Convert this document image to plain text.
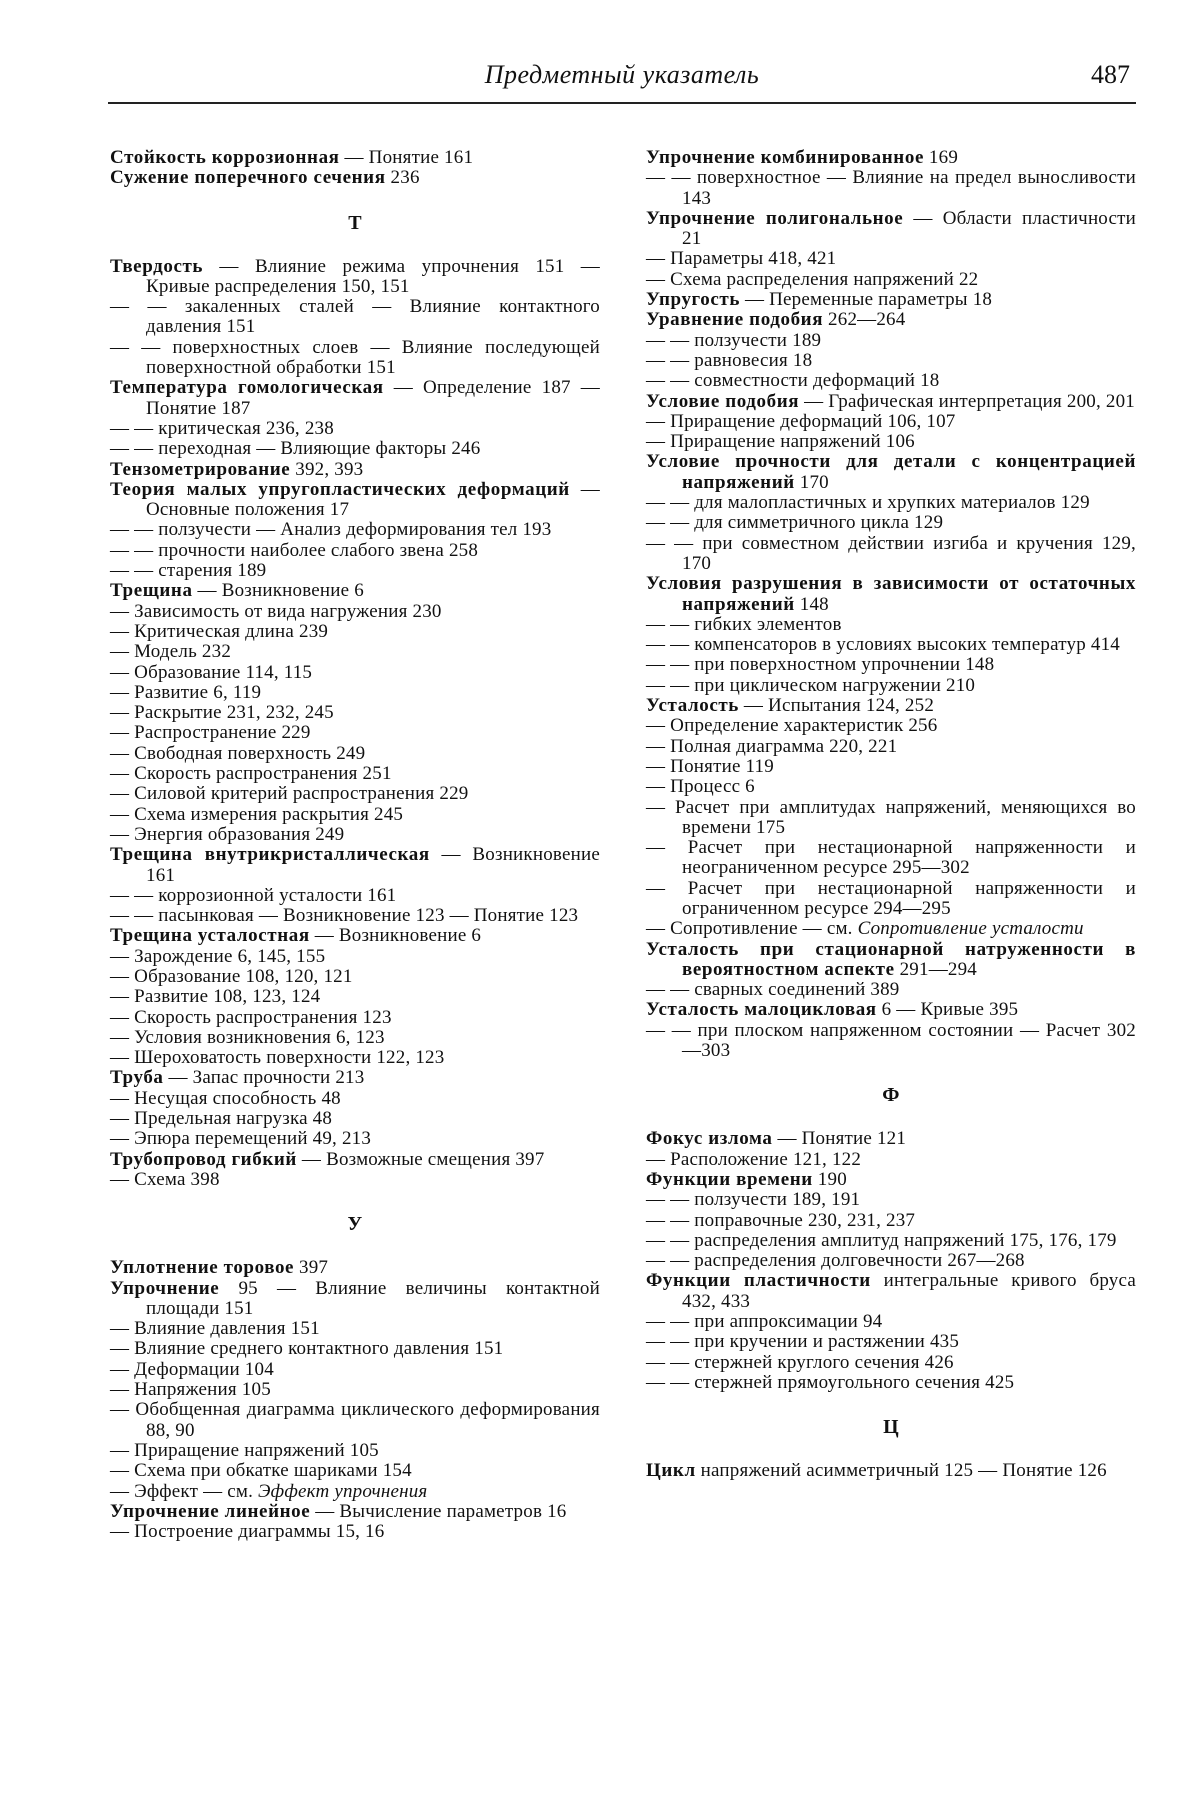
Предметный указатель	487
Стойкость коррозионная — Понятие 161
Сужение поперечного сечения 236
Т
Твердость — Влияние режима упрочнения 151 — Кривые распределения 150, 151
— — закаленных сталей — Влияние контактного давления 151
— — поверхностных слоев — Влияние последующей поверхностной обработки 151
Температура гомологическая — Определение 187 — Понятие 187
— — критическая 236, 238
— — переходная — Влияющие факторы 246
Тензометрирование 392, 393
Теория малых упругопластических деформаций — Основные положения 17
— — ползучести — Анализ деформирования тел 193
— — прочности наиболее слабого звена 258
— — старения 189
Трещина — Возникновение 6
— Зависимость от вида нагружения 230
— Критическая длина 239
— Модель 232
— Образование 114, 115
— Развитие 6, 119
— Раскрытие 231, 232, 245
— Распространение 229
— Свободная поверхность 249
— Скорость распространения 251
— Силовой критерий распространения 229
— Схема измерения раскрытия 245
— Энергия образования 249
Трещина внутрикристаллическая — Возникновение 161
— — коррозионной усталости 161
— — пасынковая — Возникновение 123 — Понятие 123
Трещина усталостная — Возникновение 6
— Зарождение 6, 145, 155
— Образование 108, 120, 121
— Развитие 108, 123, 124
— Скорость распространения 123
— Условия возникновения 6, 123
— Шероховатость поверхности 122, 123
Труба — Запас прочности 213
— Несущая способность 48
— Предельная нагрузка 48
— Эпюра перемещений 49, 213
Трубопровод гибкий — Возможные смещения 397
— Схема 398
У
Уплотнение торовое 397
Упрочнение 95 — Влияние величины контактной площади 151
— Влияние давления 151
— Влияние среднего контактного давления 151
— Деформации 104
— Напряжения 105
— Обобщенная диаграмма циклического деформирования 88, 90
— Приращение напряжений 105
— Схема при обкатке шариками 154
— Эффект — см. Эффект упрочнения
Упрочнение линейное — Вычисление параметров 16
— Построение диаграммы 15, 16
Упрочнение комбинированное 169
— — поверхностное — Влияние на предел выносливости 143
Упрочнение полигональное — Области пластичности 21
— Параметры 418, 421
— Схема распределения напряжений 22
Упругость — Переменные параметры 18
Уравнение подобия 262—264
— — ползучести 189
— — равновесия 18
— — совместности деформаций 18
Условие подобия — Графическая интерпретация 200, 201
— Приращение деформаций 106, 107
— Приращение напряжений 106
Условие прочности для детали с концентрацией напряжений 170
— — для малопластичных и хрупких материалов 129
— — для симметричного цикла 129
— — при совместном действии изгиба и кручения 129, 170
Условия разрушения в зависимости от остаточных напряжений 148
— — гибких элементов
— — компенсаторов в условиях высоких температур 414
— — при поверхностном упрочнении 148
— — при циклическом нагружении 210
Усталость — Испытания 124, 252
— Определение характеристик 256
— Полная диаграмма 220, 221
— Понятие 119
— Процесс 6
— Расчет при амплитудах напряжений, меняющихся во времени 175
— Расчет при нестационарной напряженности и неограниченном ресурсе 295—302
— Расчет при нестационарной напряженности и ограниченном ресурсе 294—295
— Сопротивление — см. Сопротивление усталости
Усталость при стационарной натруженности в вероятностном аспекте 291—294
— — сварных соединений 389
Усталость малоцикловая 6 — Кривые 395
— — при плоском напряженном состоянии — Расчет 302—303
Ф
Фокус излома — Понятие 121
— Расположение 121, 122
Функции времени 190
— — ползучести 189, 191
— — поправочные 230, 231, 237
— — распределения амплитуд напряжений 175, 176, 179
— — распределения долговечности 267—268
Функции пластичности интегральные кривого бруса 432, 433
— — при аппроксимации 94
— — при кручении и растяжении 435
— — стержней круглого сечения 426
— — стержней прямоугольного сечения 425
Ц
Цикл напряжений асимметричный 125 — Понятие 126
